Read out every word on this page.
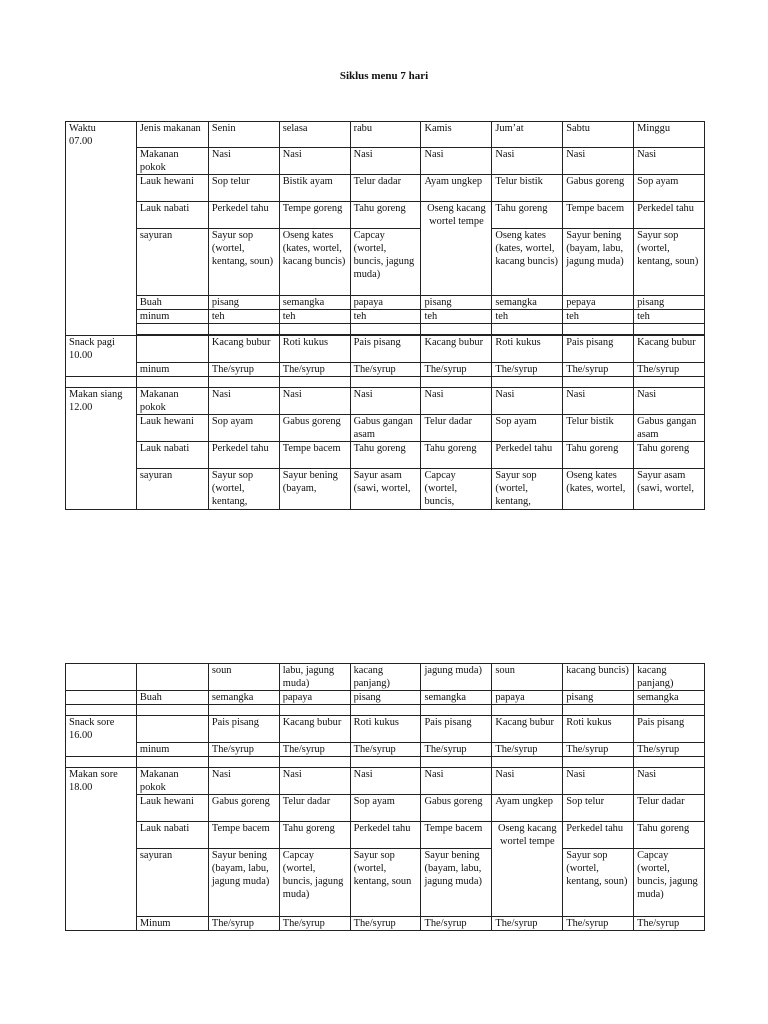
Siklus menu 7 hari
Waktu
07.00	Jenis makanan	Senin	selasa	rabu	Kamis	Jum’at	Sabtu	Minggu
	Makanan pokok	Nasi	Nasi	Nasi	Nasi	Nasi	Nasi	Nasi
	Lauk hewani	Sop telur	Bistik ayam	Telur dadar	Ayam ungkep	Telur bistik	Gabus goreng	Sop ayam
	Lauk nabati	Perkedel tahu	Tempe goreng	Tahu goreng	Oseng kacang wortel tempe	Tahu goreng	Tempe bacem	Perkedel tahu
	sayuran	Sayur sop (wortel, kentang, soun)	Oseng kates (kates, wortel, kacang buncis)	Capcay (wortel, buncis, jagung muda)		Oseng kates (kates, wortel, kacang buncis)	Sayur bening (bayam, labu, jagung muda)	Sayur sop (wortel, kentang, soun)
	Buah	pisang	semangka	papaya	pisang	semangka	pepaya	pisang
	minum	teh	teh	teh	teh	teh	teh	teh

Snack pagi
10.00		Kacang bubur	Roti kukus	Pais pisang	Kacang bubur	Roti kukus	Pais pisang	Kacang bubur
	minum	The/syrup	The/syrup	The/syrup	The/syrup	The/syrup	The/syrup	The/syrup

Makan siang
12.00	Makanan pokok	Nasi	Nasi	Nasi	Nasi	Nasi	Nasi	Nasi
	Lauk hewani	Sop ayam	Gabus goreng	Gabus gangan asam	Telur dadar	Sop ayam	Telur bistik	Gabus gangan asam
	Lauk nabati	Perkedel tahu	Tempe bacem	Tahu goreng	Tahu goreng	Perkedel tahu	Tahu goreng	Tahu goreng
	sayuran	Sayur sop (wortel, kentang,	Sayur bening (bayam,	Sayur asam (sawi, wortel,	Capcay (wortel, buncis,	Sayur sop (wortel, kentang,	Oseng kates (kates, wortel,	Sayur asam (sawi, wortel,
		soun	labu, jagung muda)	kacang panjang)	jagung muda)	soun	kacang buncis)	kacang panjang)
	Buah	semangka	papaya	pisang	semangka	papaya	pisang	semangka

Snack sore
16.00		Pais pisang	Kacang bubur	Roti kukus	Pais pisang	Kacang bubur	Roti kukus	Pais pisang
	minum	The/syrup	The/syrup	The/syrup	The/syrup	The/syrup	The/syrup	The/syrup

Makan sore
18.00	Makanan pokok	Nasi	Nasi	Nasi	Nasi	Nasi	Nasi	Nasi
	Lauk hewani	Gabus goreng	Telur dadar	Sop ayam	Gabus goreng	Ayam ungkep	Sop telur	Telur dadar
	Lauk nabati	Tempe bacem	Tahu goreng	Perkedel tahu	Tempe bacem	Oseng kacang wortel tempe	Perkedel tahu	Tahu goreng
	sayuran	Sayur bening (bayam, labu, jagung muda)	Capcay (wortel, buncis, jagung muda)	Sayur sop (wortel, kentang, soun	Sayur bening (bayam, labu, jagung muda)		Sayur sop (wortel, kentang, soun)	Capcay (wortel, buncis, jagung muda)
	Minum	The/syrup	The/syrup	The/syrup	The/syrup	The/syrup	The/syrup	The/syrup
